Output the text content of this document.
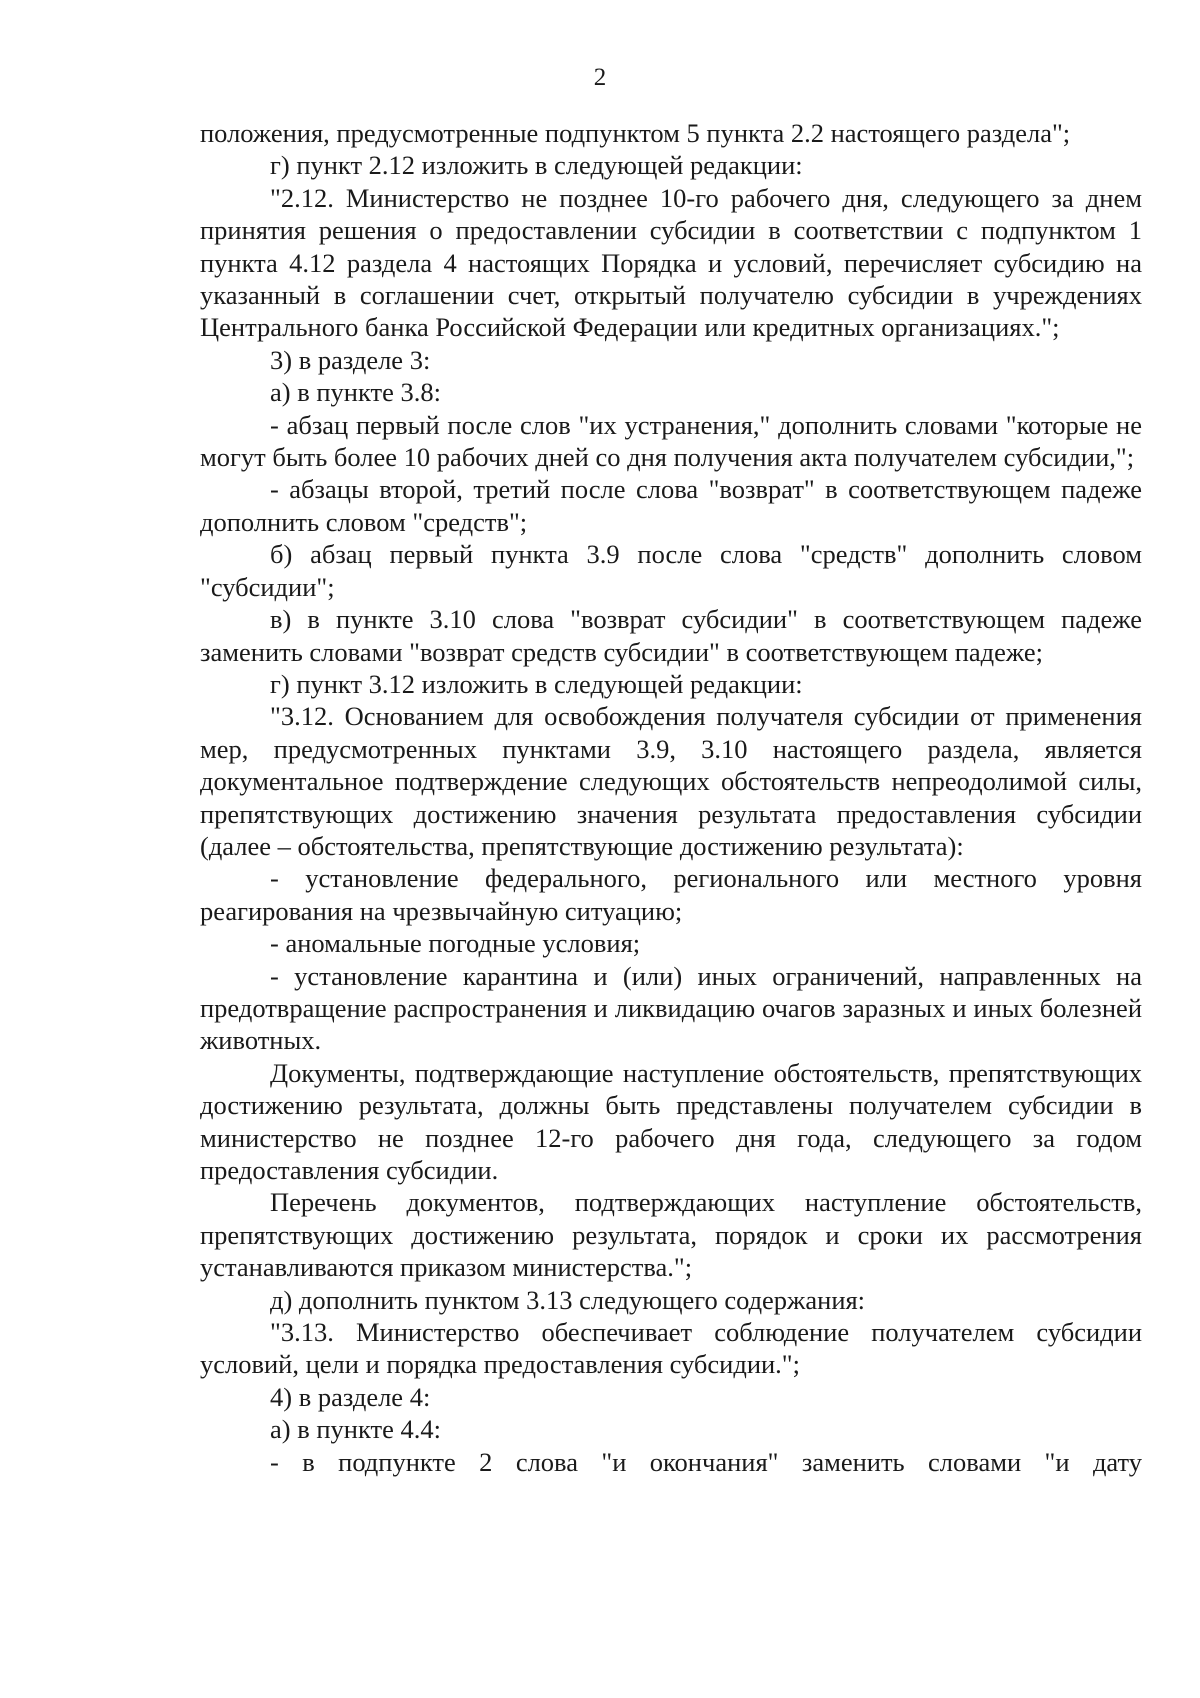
2

положения, предусмотренные подпунктом 5 пункта 2.2 настоящего раздела";

г) пункт 2.12 изложить в следующей редакции:

"2.12. Министерство не позднее 10-го рабочего дня, следующего за днем принятия решения о предоставлении субсидии в соответствии с подпунктом 1 пункта 4.12 раздела 4 настоящих Порядка и условий, перечисляет субсидию на указанный в соглашении счет, открытый получателю субсидии в учреждениях Центрального банка Российской Федерации или кредитных организациях.";

3) в разделе 3:

а) в пункте 3.8:

- абзац первый после слов "их устранения," дополнить словами "которые не могут быть более 10 рабочих дней со дня получения акта получателем субсидии,";

- абзацы второй, третий после слова "возврат" в соответствующем падеже дополнить словом "средств";

б) абзац первый пункта 3.9 после слова "средств" дополнить словом "субсидии";

в) в пункте 3.10 слова "возврат субсидии" в соответствующем падеже заменить словами "возврат средств субсидии" в соответствующем падеже;

г) пункт 3.12 изложить в следующей редакции:

"3.12. Основанием для освобождения получателя субсидии от применения мер, предусмотренных пунктами 3.9, 3.10 настоящего раздела, является документальное подтверждение следующих обстоятельств непреодолимой силы, препятствующих достижению значения результата предоставления субсидии (далее – обстоятельства, препятствующие достижению результата):

- установление федерального, регионального или местного уровня реагирования на чрезвычайную ситуацию;

- аномальные погодные условия;

- установление карантина и (или) иных ограничений, направленных на предотвращение распространения и ликвидацию очагов заразных и иных болезней животных.

Документы, подтверждающие наступление обстоятельств, препятствующих достижению результата, должны быть представлены получателем субсидии в министерство не позднее 12-го рабочего дня года, следующего за годом предоставления субсидии.

Перечень документов, подтверждающих наступление обстоятельств, препятствующих достижению результата, порядок и сроки их рассмотрения устанавливаются приказом министерства.";

д) дополнить пунктом 3.13 следующего содержания:

"3.13. Министерство обеспечивает соблюдение получателем субсидии условий, цели и порядка предоставления субсидии.";

4) в разделе 4:

а) в пункте 4.4:

- в подпункте 2 слова "и окончания" заменить словами "и дату
